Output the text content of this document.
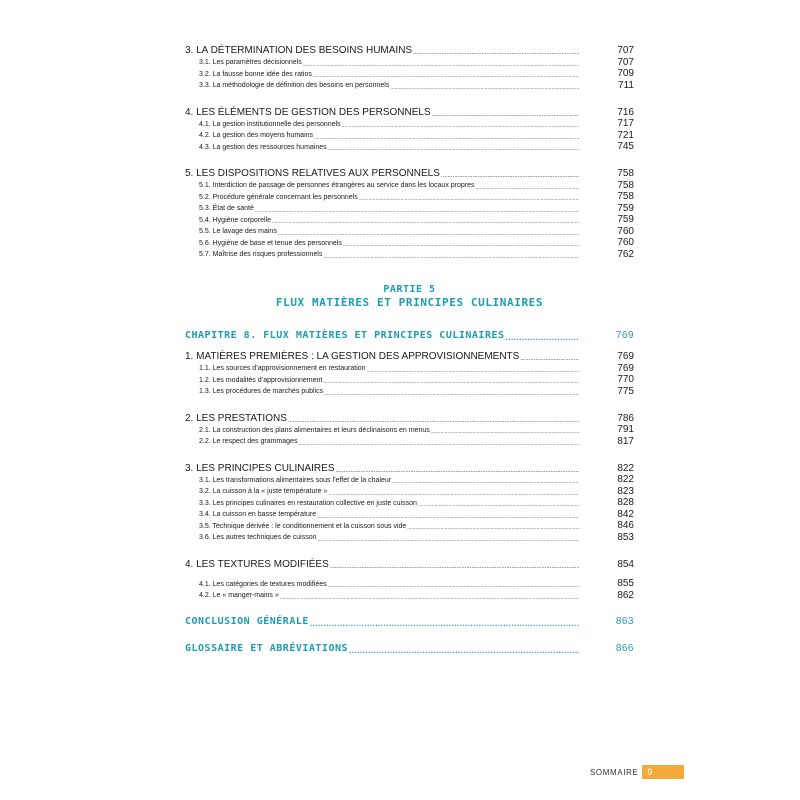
3. LA DÉTERMINATION DES BESOINS HUMAINS .....	707
3.1. Les paramètres décisionnels .....	707
3.2. La fausse bonne idée des ratios .....	709
3.3. La méthodologie de définition des besoins en personnels .....	711
4. LES ÉLÉMENTS DE GESTION DES PERSONNELS .....	716
4.1. La gestion institutionnelle des personnels .....	717
4.2. La gestion des moyens humains .....	721
4.3. La gestion des ressources humaines .....	745
5. LES DISPOSITIONS RELATIVES AUX PERSONNELS .....	758
5.1. Interdiction de passage de personnes étrangères au service dans les locaux propres .....	758
5.2. Procédure générale concernant les personnels .....	758
5.3. État de santé .....	759
5.4. Hygiène corporelle .....	759
5.5. Le lavage des mains .....	760
5.6. Hygiène de base et tenue des personnels .....	760
5.7. Maîtrise des risques professionnels .....	762
PARTIE 5
FLUX MATIÈRES ET PRINCIPES CULINAIRES
CHAPITRE 8. FLUX MATIÈRES ET PRINCIPES CULINAIRES .....	769
1. MATIÈRES PREMIÈRES : LA GESTION DES APPROVISIONNEMENTS .....	769
1.1. Les sources d’approvisionnement en restauration .....	769
1.2. Les modalités d’approvisionnement .....	770
1.3. Les procédures de marchés publics .....	775
2. LES PRESTATIONS .....	786
2.1. La construction des plans alimentaires et leurs déclinaisons en menus .....	791
2.2. Le respect des grammages .....	817
3. LES PRINCIPES CULINAIRES .....	822
3.1. Les transformations alimentaires sous l’effet de la chaleur .....	822
3.2. La cuisson à la « juste température » .....	823
3.3. Les principes culinaires en restauration collective en juste cuisson .....	828
3.4. La cuisson en basse température .....	842
3.5. Technique dérivée : le conditionnement et la cuisson sous vide .....	846
3.6. Les autres techniques de cuisson .....	853
4. LES TEXTURES MODIFIÉES .....	854
4.1. Les catégories de textures modifiées .....	855
4.2. Le « manger-mains » .....	862
CONCLUSION GÉNÉRALE .....	863
GLOSSAIRE ET ABRÉVIATIONS .....	866
SOMMAIRE	9
